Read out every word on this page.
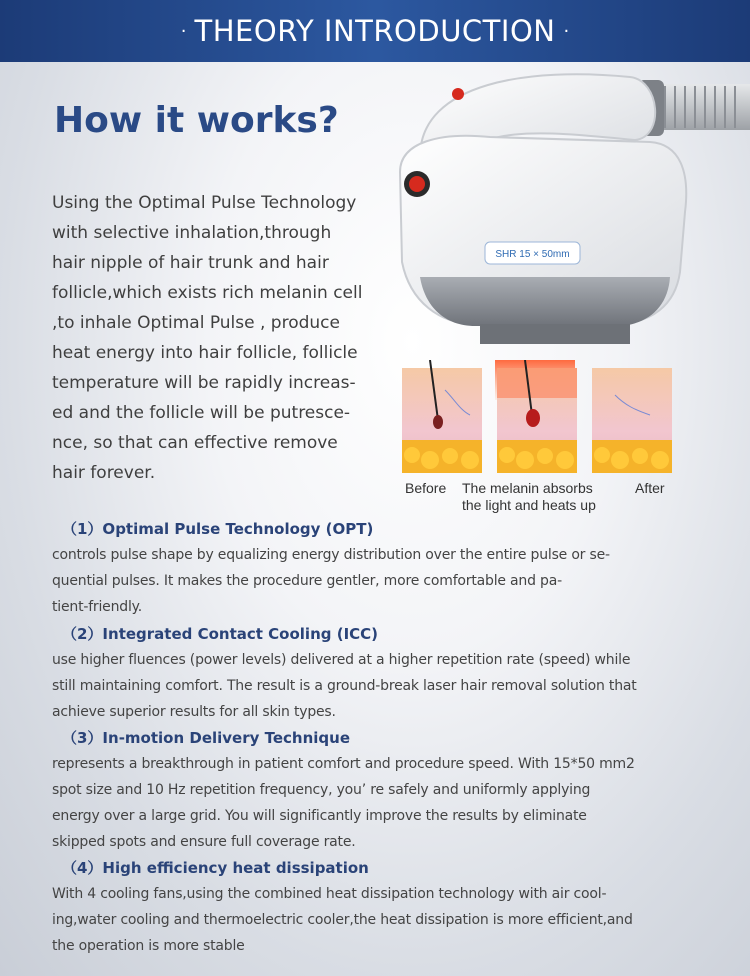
· THEORY INTRODUCTION ·
How it works?
Using the Optimal Pulse Technology
with selective inhalation,through
hair nipple of hair trunk and hair
follicle,which exists rich melanin cell
,to inhale Optimal Pulse , produce
heat energy into hair follicle, follicle
temperature will be rapidly increas-
ed and the follicle will be putresce-
nce, so that can effective remove
hair forever.
SHR 15 × 50mm
Before The melanin absorbs
the light and heats up
After
（1）Optimal Pulse Technology (OPT)
controls pulse shape by equalizing energy distribution over the entire pulse or se-
quential pulses. It makes the procedure gentler, more comfortable and pa-
tient-friendly.
（2）Integrated Contact Cooling (ICC)
use higher fluences (power levels) delivered at a higher repetition rate (speed) while
still maintaining comfort. The result is a ground-break laser hair removal solution that
achieve superior results for all skin types.
（3）In-motion Delivery Technique
represents a breakthrough in patient comfort and procedure speed. With 15*50 mm2
spot size and 10 Hz repetition frequency, you’ re safely and uniformly applying
energy over a large grid. You will significantly improve the results by eliminate
skipped spots and ensure full coverage rate.
（4）High efficiency heat dissipation
With 4 cooling fans,using the combined heat dissipation technology with air cool-
ing,water cooling and thermoelectric cooler,the heat dissipation is more efficient,and
the operation is more stable
